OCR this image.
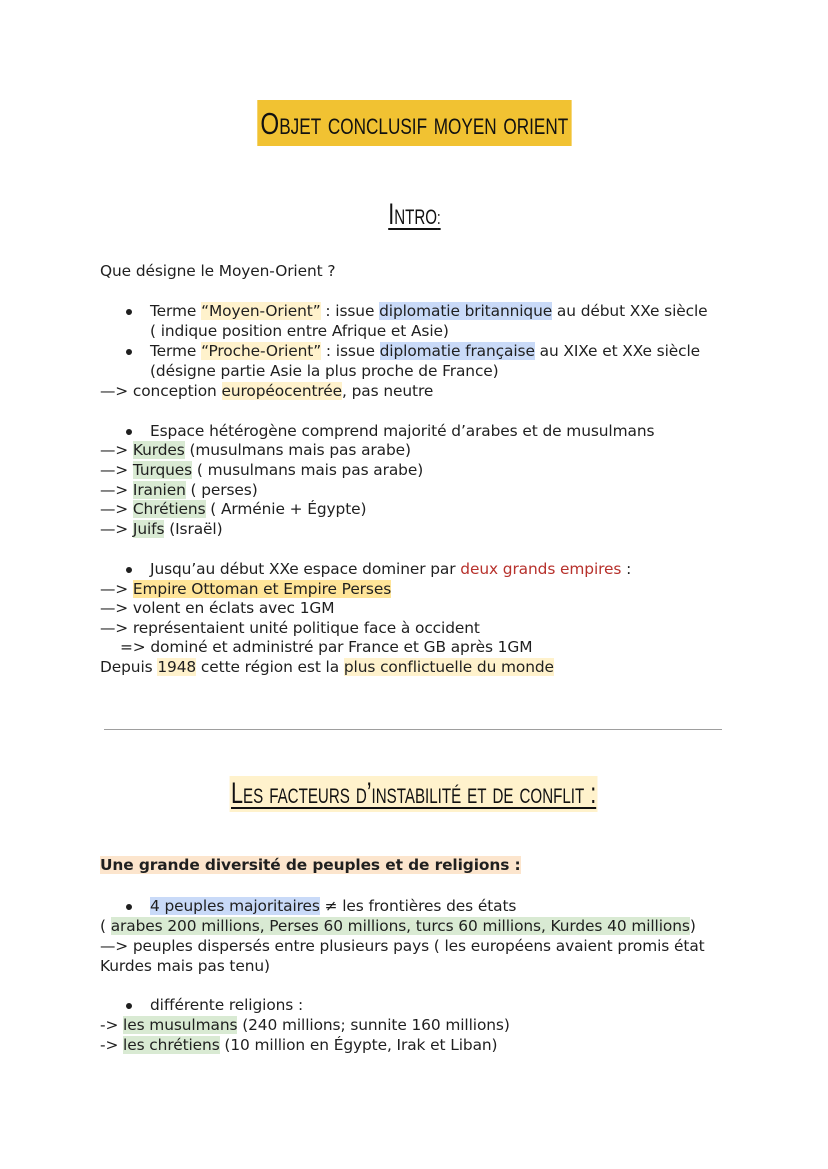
Objet conclusif moyen orient
Intro:
Que désigne le Moyen-Orient ?
Terme “Moyen-Orient” : issue diplomatie britannique au début XXe siècle
( indique position entre Afrique et Asie)
Terme “Proche-Orient” : issue diplomatie française au XIXe et XXe siècle
(désigne partie Asie la plus proche de France)
—> conception européocentrée, pas neutre
Espace hétérogène comprend majorité d’arabes et de musulmans
—> Kurdes (musulmans mais pas arabe)
—> Turques ( musulmans mais pas arabe)
—> Iranien ( perses)
—> Chrétiens ( Arménie + Égypte)
—> Juifs (Israël)
Jusqu’au début XXe espace dominer par deux grands empires :
—> Empire Ottoman et Empire Perses
—> volent en éclats avec 1GM
—> représentaient unité politique face à occident
=> dominé et administré par France et GB après 1GM
Depuis 1948 cette région est la plus conflictuelle du monde
Les facteurs d’instabilité et de conflit :
Une grande diversité de peuples et de religions :
4 peuples majoritaires ≠ les frontières des états
( arabes 200 millions, Perses 60 millions, turcs 60 millions, Kurdes 40 millions)
—> peuples dispersés entre plusieurs pays ( les européens avaient promis état
Kurdes mais pas tenu)
différente religions :
-> les musulmans (240 millions; sunnite 160 millions)
-> les chrétiens (10 million en Égypte, Irak et Liban)
